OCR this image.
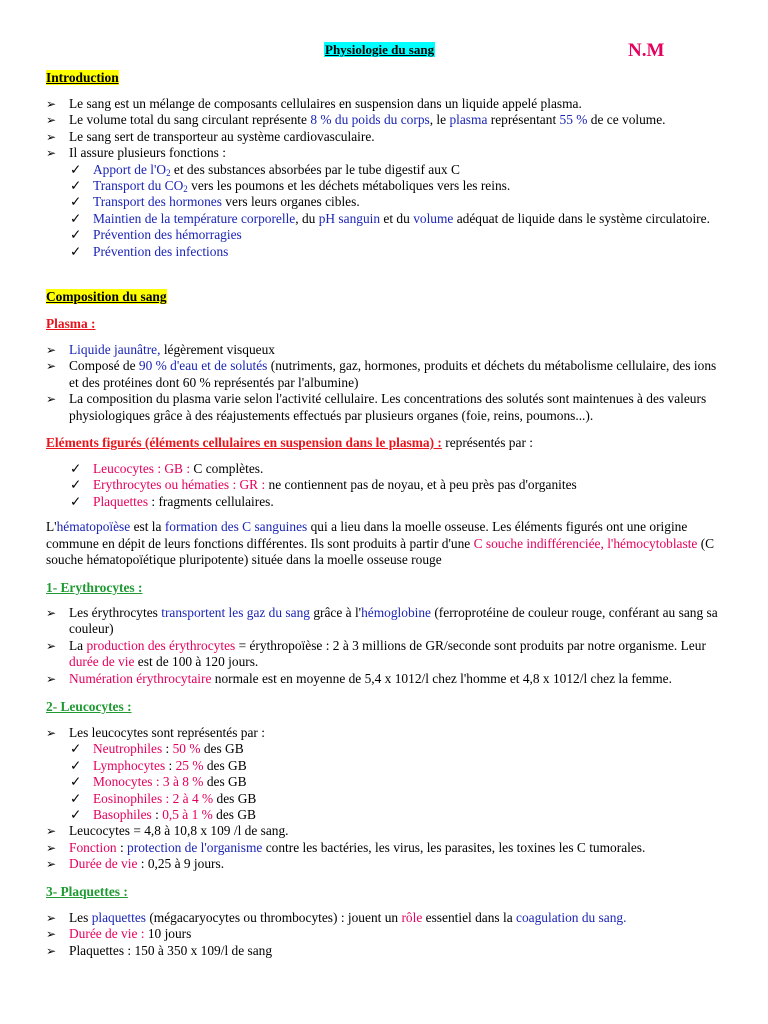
Physiologie du sang	N.M
Introduction
➢ Le sang est un mélange de composants cellulaires en suspension dans un liquide appelé plasma.
➢ Le volume total du sang circulant représente 8 % du poids du corps, le plasma représentant 55 % de ce volume.
➢ Le sang sert de transporteur au système cardiovasculaire.
➢ Il assure plusieurs fonctions :
✓ Apport de $l'O_2$ et des substances absorbées par le tube digestif aux C
✓ Transport du $CO_2$ vers les poumons et les déchets métaboliques vers les reins.
✓ Transport des hormones vers leurs organes cibles.
✓ Maintien de la température corporelle, du pH sanguin et du volume adéquat de liquide dans le système circulatoire.
✓ Prévention des hémorragies
✓ Prévention des infections
Composition du sang
Plasma :
➢ Liquide jaunâtre, légèrement visqueux
➢ Composé de 90 % d'eau et de solutés (nutriments, gaz, hormones, produits et déchets du métabolisme cellulaire, des ions et des protéines dont 60 % représentés par l'albumine)
➢ La composition du plasma varie selon l'activité cellulaire. Les concentrations des solutés sont maintenues à des valeurs physiologiques grâce à des réajustements effectués par plusieurs organes (foie, reins, poumons...).
Eléments figurés (éléments cellulaires en suspension dans le plasma) : représentés par :
✓ Leucocytes : GB : C complètes.
✓ Erythrocytes ou hématies : GR : ne contiennent pas de noyau, et à peu près pas d'organites
✓ Plaquettes : fragments cellulaires.
L'hématopoïèse est la formation des C sanguines qui a lieu dans la moelle osseuse. Les éléments figurés ont une origine commune en dépit de leurs fonctions différentes. Ils sont produits à partir d'une C souche indifférenciée, l'hémocytoblaste (C souche hématopoïétique pluripotente) située dans la moelle osseuse rouge
1- Erythrocytes :
➢ Les érythrocytes transportent les gaz du sang grâce à l'hémoglobine (ferroprotéine de couleur rouge, conférant au sang sa couleur)
➢ La production des érythrocytes = érythropoïèse : 2 à 3 millions de GR/seconde sont produits par notre organisme. Leur durée de vie est de 100 à 120 jours.
➢ Numération érythrocytaire normale est en moyenne de 5,4 x 1012/l chez l'homme et 4,8 x 1012/l chez la femme.
2- Leucocytes :
➢ Les leucocytes sont représentés par :
✓ Neutrophiles : 50 % des GB
✓ Lymphocytes : 25 % des GB
✓ Monocytes : 3 à 8 % des GB
✓ Eosinophiles : 2 à 4 % des GB
✓ Basophiles : 0,5 à 1 % des GB
➢ Leucocytes = 4,8 à 10,8 x 109 /l de sang.
➢ Fonction : protection de l'organisme contre les bactéries, les virus, les parasites, les toxines les C tumorales.
➢ Durée de vie : 0,25 à 9 jours.
3- Plaquettes :
➢ Les plaquettes (mégacaryocytes ou thrombocytes) : jouent un rôle essentiel dans la coagulation du sang.
➢ Durée de vie : 10 jours
➢ Plaquettes : 150 à 350 x 109/l de sang
